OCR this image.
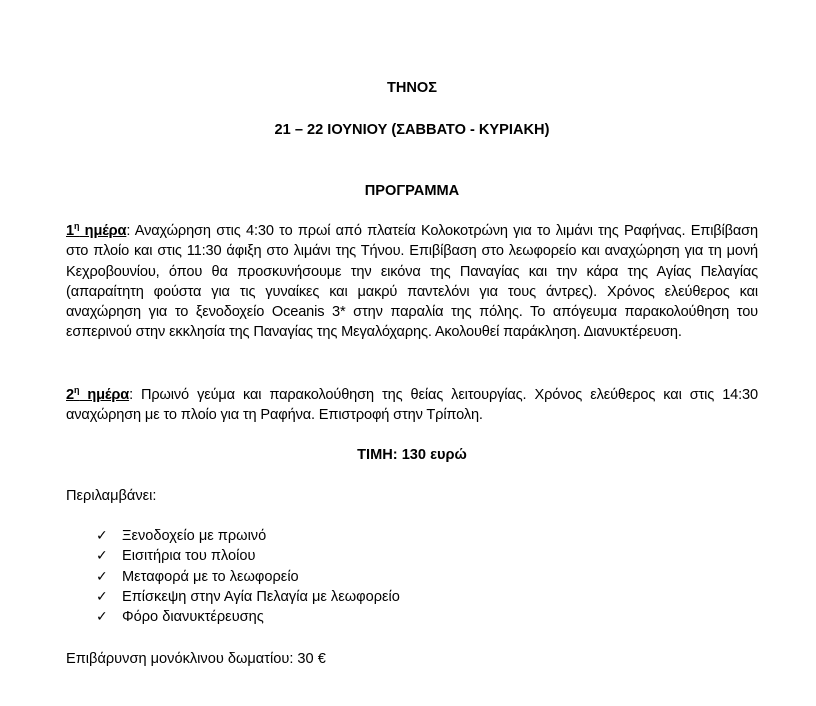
ΤΗΝΟΣ
21 – 22 ΙΟΥΝΙΟΥ (ΣΑΒΒΑΤΟ - ΚΥΡΙΑΚΗ)
ΠΡΟΓΡΑΜΜΑ
$1^\eta$ ημέρα: Αναχώρηση στις 4:30 το πρωί από πλατεία Κολοκοτρώνη για το λιμάνι της Ραφήνας. Επιβίβαση στο πλοίο και στις 11:30 άφιξη στο λιμάνι της Τήνου. Επιβίβαση στο λεωφορείο και αναχώρηση για τη μονή Κεχροβουνίου, όπου θα προσκυνήσουμε την εικόνα της Παναγίας και την κάρα της Αγίας Πελαγίας (απαραίτητη φούστα για τις γυναίκες και μακρύ παντελόνι για τους άντρες). Χρόνος ελεύθερος και αναχώρηση για το ξενοδοχείο Oceanis 3* στην παραλία της πόλης. Το απόγευμα παρακολούθηση του εσπερινού στην εκκλησία της Παναγίας της Μεγαλόχαρης. Ακολουθεί παράκληση. Διανυκτέρευση.
$2^\eta$ ημέρα: Πρωινό γεύμα και παρακολούθηση της θείας λειτουργίας. Χρόνος ελεύθερος και στις 14:30 αναχώρηση με το πλοίο για τη Ραφήνα. Επιστροφή στην Τρίπολη.
ΤΙΜΗ: 130 ευρώ
Περιλαμβάνει:
✓ Ξενοδοχείο με πρωινό
✓ Εισιτήρια του πλοίου
✓ Μεταφορά με το λεωφορείο
✓ Επίσκεψη στην Αγία Πελαγία με λεωφορείο
✓ Φόρο διανυκτέρευσης
Επιβάρυνση μονόκλινου δωματίου: 30 €
